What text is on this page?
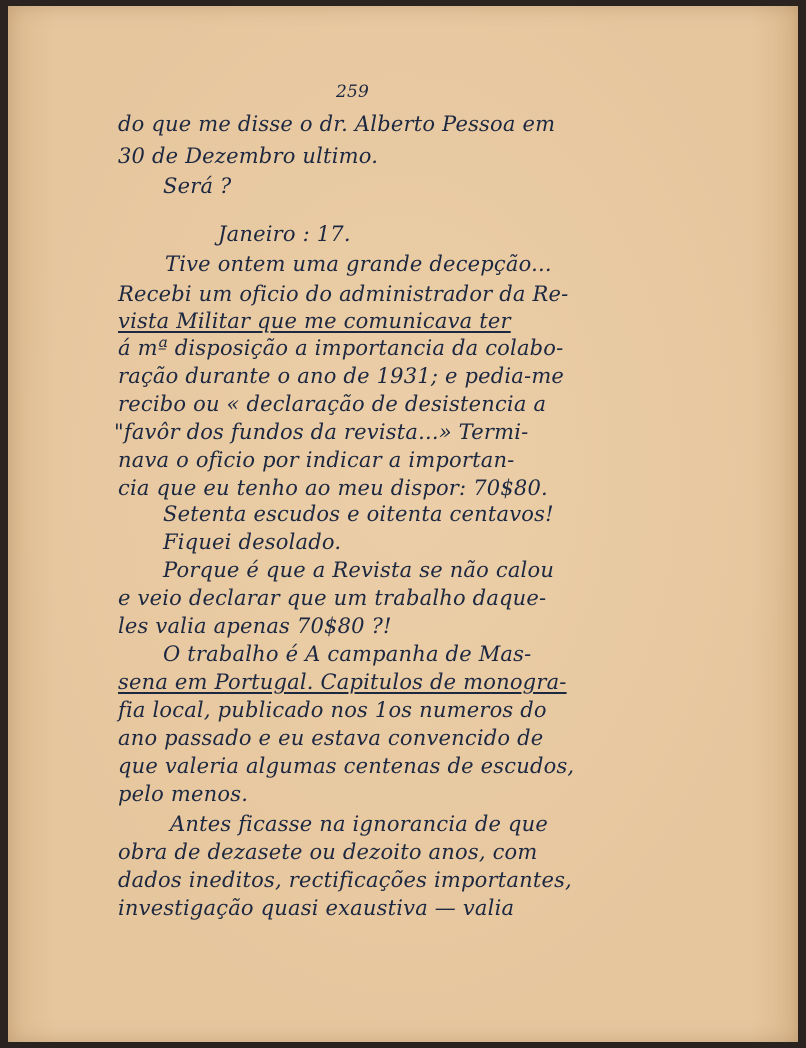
259
do que me disse o dr. Alberto Pessoa em
30 de Dezembro ultimo.
Será ?
Janeiro : 17.
Tive ontem uma grande decepção...
Recebi um oficio do administrador da Re-
vista Militar que me comunicava ter
á mª disposição a importancia da colabo-
ração durante o ano de 1931; e pedia-me
recibo ou « declaração de desistencia a
"favôr dos fundos da revista...» Termi-
nava o oficio por indicar a importan-
cia que eu tenho ao meu dispor: 70$80.
Setenta escudos e oitenta centavos!
Fiquei desolado.
Porque é que a Revista se não calou
e veio declarar que um trabalho daque-
les valia apenas 70$80 ?!
O trabalho é A campanha de Mas-
sena em Portugal. Capitulos de monogra-
fia local, publicado nos 1os numeros do
ano passado e eu estava convencido de
que valeria algumas centenas de escudos,
pelo menos.
Antes ficasse na ignorancia de que
obra de dezasete ou dezoito anos, com
dados ineditos, rectificações importantes,
investigação quasi exaustiva — valia
